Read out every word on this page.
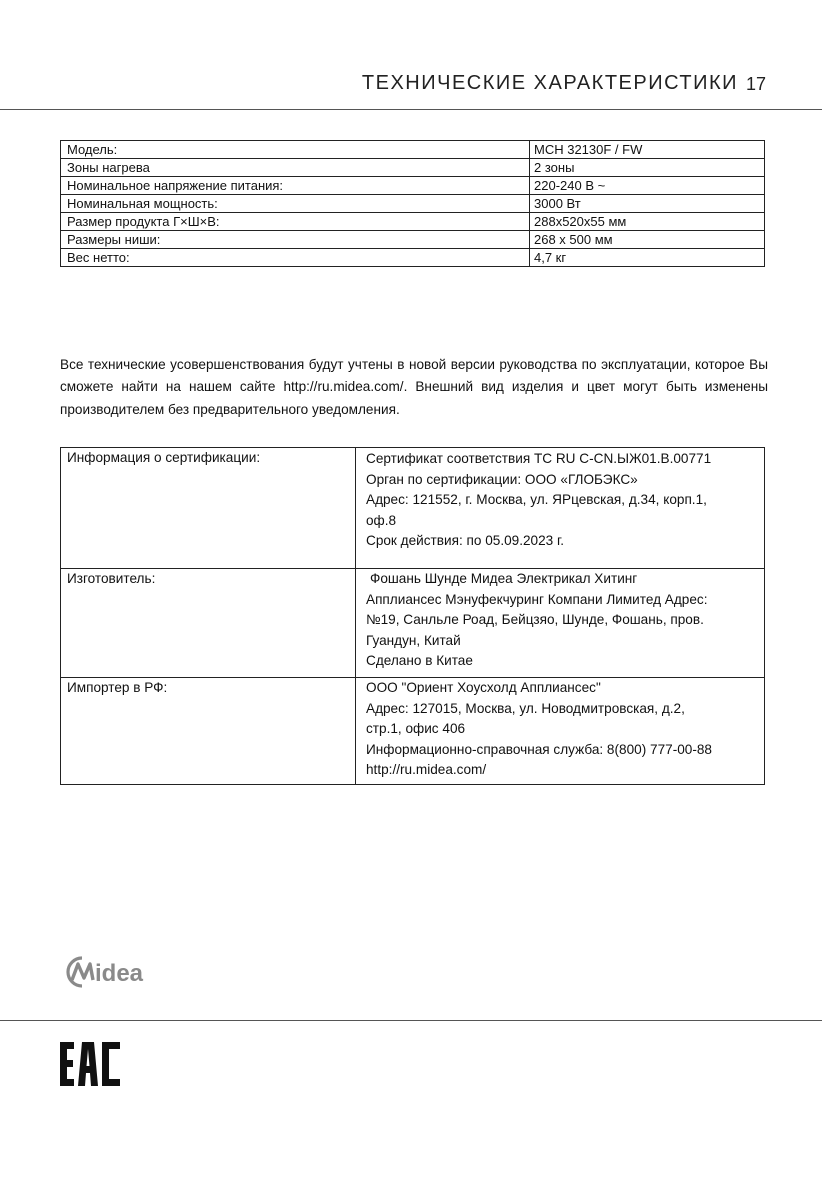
ТЕХНИЧЕСКИЕ ХАРАКТЕРИСТИКИ 17
Модель:	MCH 32130F / FW
Зоны нагрева	2 зоны
Номинальное напряжение питания:	220-240 В ~
Номинальная мощность:	3000 Вт
Размер продукта Г×Ш×В:	288x520x55 мм
Размеры ниши:	268 x 500 мм
Вес нетто:	4,7 кг

Все технические усовершенствования будут учтены в новой версии руководства по эксплуатации, которое Вы сможете найти на нашем сайте http://ru.midea.com/. Внешний вид изделия и цвет могут быть изменены производителем без предварительного уведомления.

Информация о сертификации:	Сертификат соответствия ТС RU C-CN.ЫЖ01.В.00771
Орган по сертификации: ООО «ГЛОБЭКС»
Адрес: 121552, г. Москва, ул. ЯРцевская, д.34, корп.1,
оф.8
Срок действия: по 05.09.2023 г.
Изготовитель:	Фошань Шунде Мидеа Электрикал Хитинг
Апплиансес Мэнуфекчуринг Компани Лимитед Адрес:
№19, Санльле Роад, Бейцзяо, Шунде, Фошань, пров.
Гуандун, Китай
Сделано в Китае
Импортер в РФ:	ООО "Ориент Хоусхолд Апплиансес"
Адрес: 127015, Москва, ул. Новодмитровская, д.2,
стр.1, офис 406
Информационно-справочная служба: 8(800) 777-00-88
http://ru.midea.com/
idea
